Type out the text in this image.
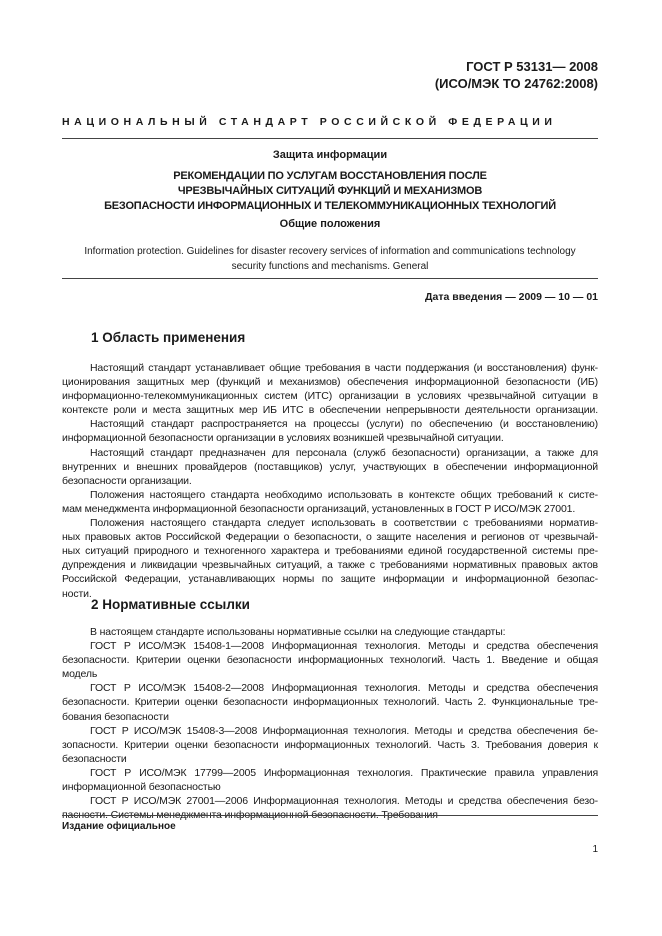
ГОСТ Р 53131— 2008
(ИСО/МЭК ТО 24762:2008)
НАЦИОНАЛЬНЫЙ СТАНДАРТ РОССИЙСКОЙ ФЕДЕРАЦИИ
Защита информации
РЕКОМЕНДАЦИИ ПО УСЛУГАМ ВОССТАНОВЛЕНИЯ ПОСЛЕ
ЧРЕЗВЫЧАЙНЫХ СИТУАЦИЙ ФУНКЦИЙ И МЕХАНИЗМОВ
БЕЗОПАСНОСТИ ИНФОРМАЦИОННЫХ И ТЕЛЕКОММУНИКАЦИОННЫХ ТЕХНОЛОГИЙ
Общие положения
Information protection. Guidelines for disaster recovery services of information and communications technology
security functions and mechanisms. General
Дата введения — 2009 — 10 — 01
1 Область применения
Настоящий стандарт устанавливает общие требования в части поддержания (и восстановления) функ-
ционирования защитных мер (функций и механизмов) обеспечения информационной безопасности (ИБ)
информационно-телекоммуникационных систем (ИТС) организации в условиях чрезвычайной ситуации в
контексте роли и места защитных мер ИБ ИТС в обеспечении непрерывности деятельности организации.
Настоящий стандарт распространяется на процессы (услуги) по обеспечению (и восстановлению)
информационной безопасности организации в условиях возникшей чрезвычайной ситуации.
Настоящий стандарт предназначен для персонала (служб безопасности) организации, а также для
внутренних и внешних провайдеров (поставщиков) услуг, участвующих в обеспечении информационной
безопасности организации.
Положения настоящего стандарта необходимо использовать в контексте общих требований к систе-
мам менеджмента информационной безопасности организаций, установленных в ГОСТ Р ИСО/МЭК 27001.
Положения настоящего стандарта следует использовать в соответствии с требованиями норматив-
ных правовых актов Российской Федерации о безопасности, о защите населения и регионов от чрезвычай-
ных ситуаций природного и техногенного характера и требованиями единой государственной системы пре-
дупреждения и ликвидации чрезвычайных ситуаций, а также с требованиями нормативных правовых актов
Российской Федерации, устанавливающих нормы по защите информации и информационной безопас-
ности.
2 Нормативные ссылки
В настоящем стандарте использованы нормативные ссылки на следующие стандарты:
ГОСТ Р ИСО/МЭК 15408-1—2008 Информационная технология. Методы и средства обеспечения
безопасности. Критерии оценки безопасности информационных технологий. Часть 1. Введение и общая
модель
ГОСТ Р ИСО/МЭК 15408-2—2008 Информационная технология. Методы и средства обеспечения
безопасности. Критерии оценки безопасности информационных технологий. Часть 2. Функциональные тре-
бования безопасности
ГОСТ Р ИСО/МЭК 15408-3—2008 Информационная технология. Методы и средства обеспечения бе-
зопасности. Критерии оценки безопасности информационных технологий. Часть 3. Требования доверия к
безопасности
ГОСТ Р ИСО/МЭК 17799—2005 Информационная технология. Практические правила управления
информационной безопасностью
ГОСТ Р ИСО/МЭК 27001—2006 Информационная технология. Методы и средства обеспечения безо-
пасности. Системы менеджмента информационной безопасности. Требования
Издание официальное
1
